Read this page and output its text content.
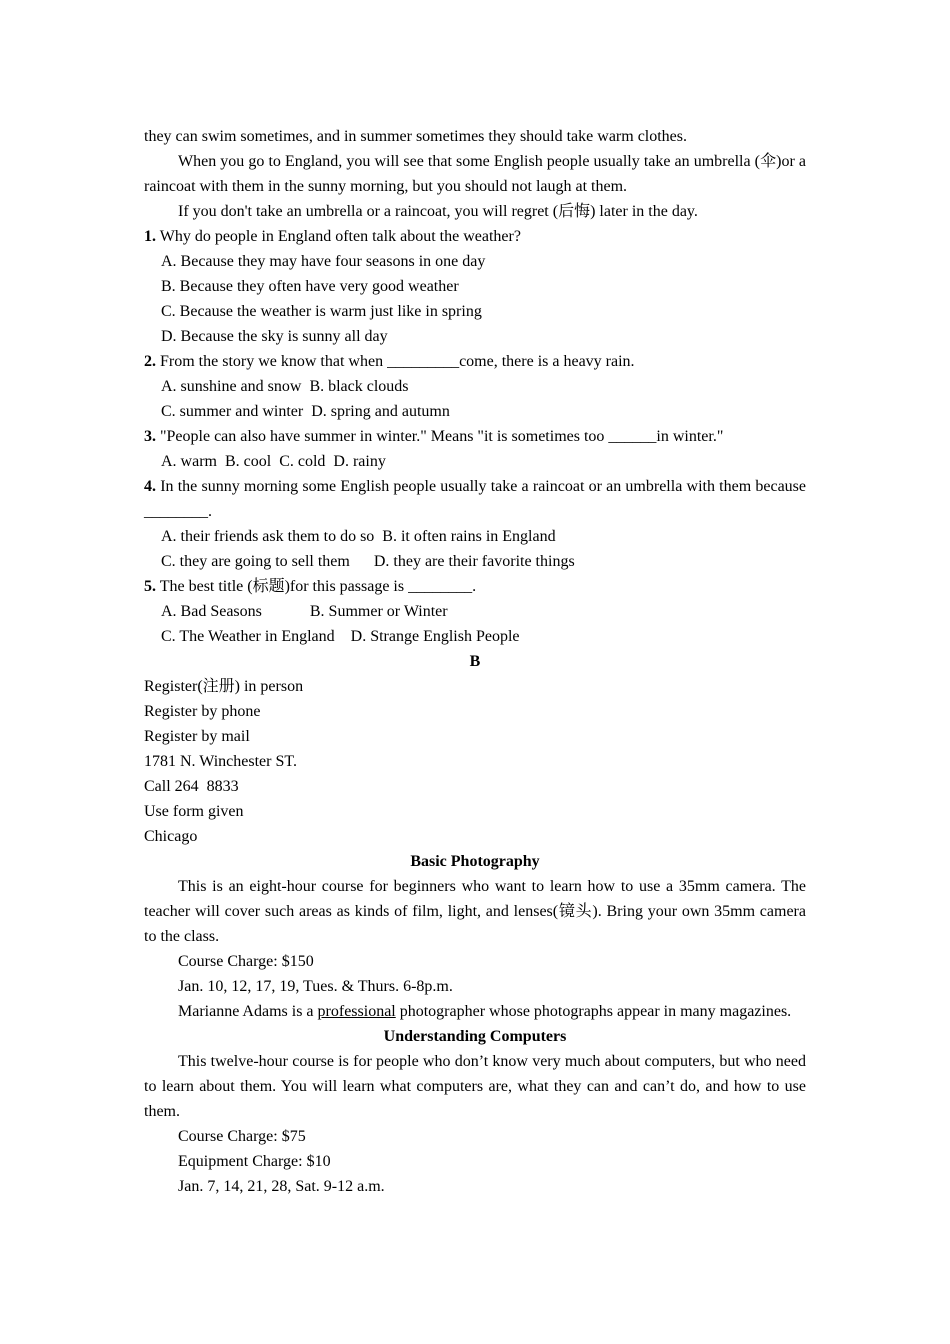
they can swim sometimes, and in summer sometimes they should take warm clothes.
When you go to England, you will see that some English people usually take an umbrella (伞)or a raincoat with them in the sunny morning, but you should not laugh at them.
If you don't take an umbrella or a raincoat, you will regret (后悔) later in the day.
1. Why do people in England often talk about the weather?
A. Because they may have four seasons in one day
B. Because they often have very good weather
C. Because the weather is warm just like in spring
D. Because the sky is sunny all day
2. From the story we know that when _________come, there is a heavy rain.
A. sunshine and snow  B. black clouds
C. summer and winter  D. spring and autumn
3. "People can also have summer in winter." Means "it is sometimes too ______in winter."
A. warm  B. cool  C. cold  D. rainy
4. In the sunny morning some English people usually take a raincoat or an umbrella with them because ________.
A. their friends ask them to do so  B. it often rains in England
C. they are going to sell them      D. they are their favorite things
5. The best title (标题)for this passage is ________.
A. Bad Seasons            B. Summer or Winter
C. The Weather in England    D. Strange English People
B
Register(注册) in person
Register by phone
Register by mail
1781 N. Winchester ST.
Call 264  8833
Use form given
Chicago
Basic Photography
This is an eight-hour course for beginners who want to learn how to use a 35mm camera. The teacher will cover such areas as kinds of film, light, and lenses(镜头). Bring your own 35mm camera to the class.
Course Charge: $150
Jan. 10, 12, 17, 19, Tues. & Thurs. 6-8p.m.
Marianne Adams is a professional photographer whose photographs appear in many magazines.
Understanding Computers
This twelve-hour course is for people who don’t know very much about computers, but who need to learn about them. You will learn what computers are, what they can and can’t do, and how to use them.
Course Charge: $75
Equipment Charge: $10
Jan. 7, 14, 21, 28, Sat. 9-12 a.m.
